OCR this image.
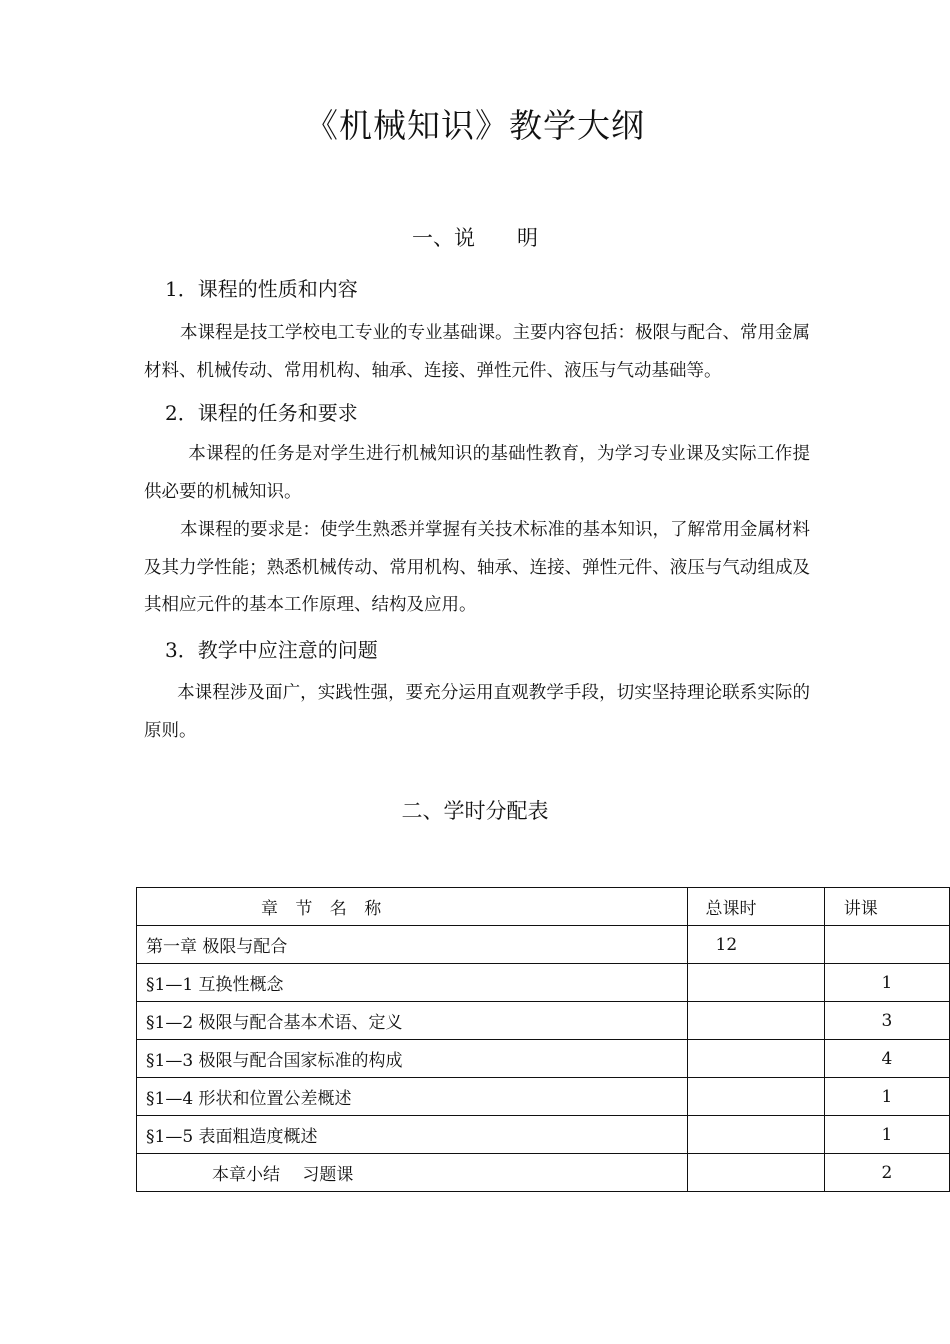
《机械知识》教学大纲
一、说　　明
1．课程的性质和内容
本课程是技工学校电工专业的专业基础课。主要内容包括：极限与配合、常用金属材料、机械传动、常用机构、轴承、连接、弹性元件、液压与气动基础等。
2．课程的任务和要求
本课程的任务是对学生进行机械知识的基础性教育，为学习专业课及实际工作提供必要的机械知识。
本课程的要求是：使学生熟悉并掌握有关技术标准的基本知识，了解常用金属材料及其力学性能；熟悉机械传动、常用机构、轴承、连接、弹性元件、液压与气动组成及其相应元件的基本工作原理、结构及应用。
3．教学中应注意的问题
本课程涉及面广，实践性强，要充分运用直观教学手段，切实坚持理论联系实际的原则。
二、学时分配表
章 节 名 称	总课时	讲课
第一章 极限与配合	12	
§1—1 互换性概念		1
§1—2 极限与配合基本术语、定义		3
§1—3 极限与配合国家标准的构成		4
§1—4 形状和位置公差概述		1
§1—5 表面粗造度概述		1
本章小结　 习题课		2
